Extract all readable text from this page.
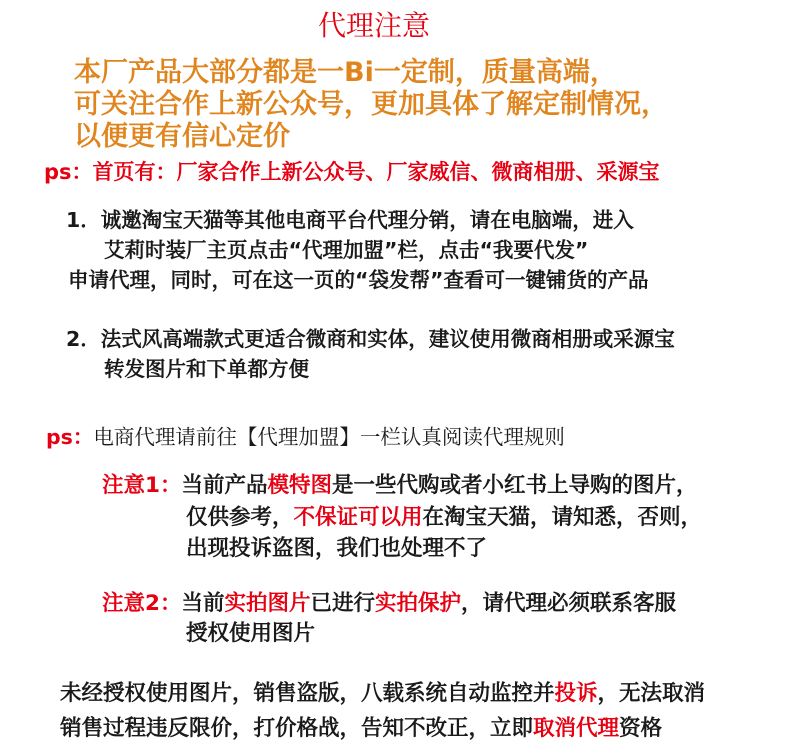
代理注意
本厂产品大部分都是一Bi一定制，质量高端，
可关注合作上新公众号，更加具体了解定制情况，
以便更有信心定价
ps：首页有：厂家合作上新公众号、厂家威信、微商相册、采源宝
1．诚邀淘宝天猫等其他电商平台代理分销，请在电脑端，进入
艾莉时装厂主页点击“代理加盟”栏，点击“我要代发”
申请代理，同时，可在这一页的“袋发帮”查看可一键铺货的产品
2．法式风高端款式更适合微商和实体，建议使用微商相册或采源宝
转发图片和下单都方便
ps：电商代理请前往【代理加盟】一栏认真阅读代理规则
注意1：当前产品模特图是一些代购或者小红书上导购的图片，
仅供参考，不保证可以用在淘宝天猫，请知悉，否则，
出现投诉盗图，我们也处理不了
注意2：当前实拍图片已进行实拍保护，请代理必须联系客服
授权使用图片
未经授权使用图片，销售盗版，八载系统自动监控并投诉，无法取消
销售过程违反限价，打价格战，告知不改正，立即取消代理资格
